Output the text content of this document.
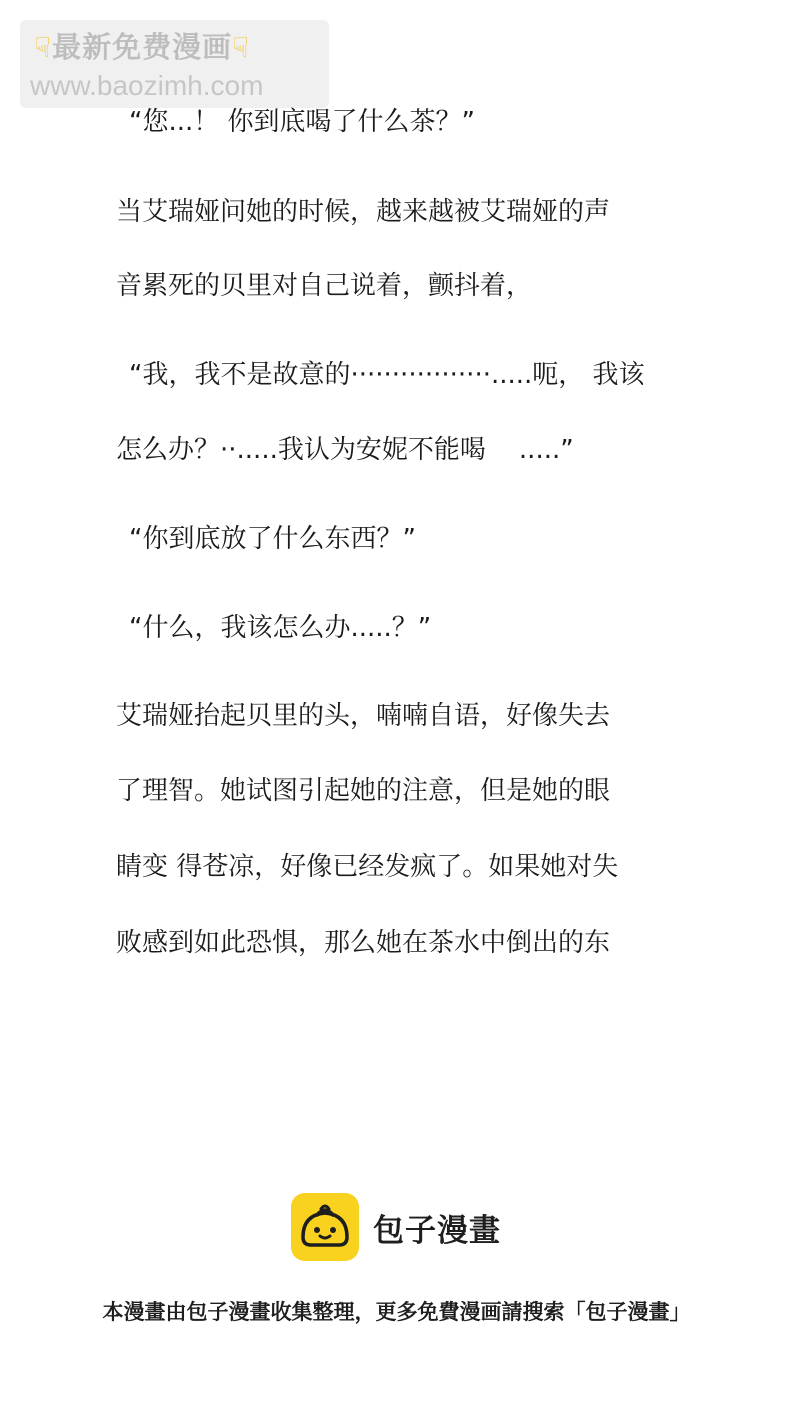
☟最新免费漫画☟
www.baozimh.com
“您...！ 你到底喝了什么茶？”
当艾瑞娅问她的时候，越来越被艾瑞娅的声
音累死的贝里对自己说着，颤抖着，
“我，我不是故意的·················.....呃， 我该
怎么办？··.....我认为安妮不能喝    .....”
“你到底放了什么东西？”
“什么，我该怎么办.....？”
艾瑞娅抬起贝里的头，喃喃自语，好像失去
了理智。她试图引起她的注意，但是她的眼
睛变 得苍凉，好像已经发疯了。如果她对失
败感到如此恐惧，那么她在茶水中倒出的东
包子漫畫
本漫畫由包子漫畫收集整理，更多免費漫画請搜索「包子漫畫」
